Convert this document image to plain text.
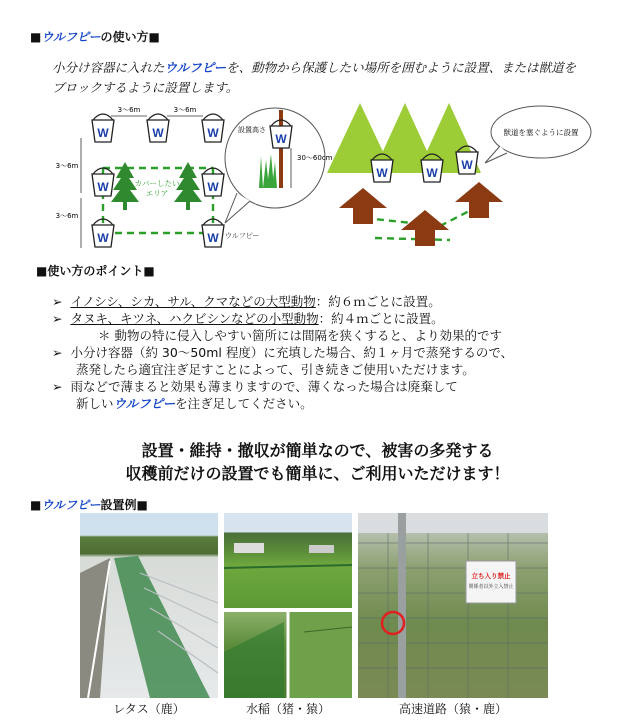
■ウルフピーの使い方■
小分け容器に入れたウルフピーを、動物から保護したい場所を囲むように設置、または獣道を
ブロックするように設置します。
W	3～6m	3～6m
3～6m
3～6m
カバーしたい
エリア
ウルフピー
設置高さ
30～60cm
獣道を塞ぐように設置
■使い方のポイント■
➢ イノシシ、シカ、サル、クマなどの大型動物：約６ｍごとに設置。
➢ タヌキ、キツネ、ハクビシンなどの小型動物：約４ｍごとに設置。
＊ 動物の特に侵入しやすい箇所には間隔を狭くすると、より効果的です
➢ 小分け容器（約 30～50ml 程度）に充填した場合、約１ヶ月で蒸発するので、
蒸発したら適宜注ぎ足すことによって、引き続きご使用いただけます。
➢ 雨などで薄まると効果も薄まりますので、薄くなった場合は廃棄して
新しいウルフピーを注ぎ足してください。
設置・維持・撤収が簡単なので、被害の多発する
収穫前だけの設置でも簡単に、ご利用いただけます！
■ウルフピー設置例■
レタス（鹿）	水稲（猪・猿）
立ち入り禁止
関係者以外立入禁止
高速道路（猿・鹿）
